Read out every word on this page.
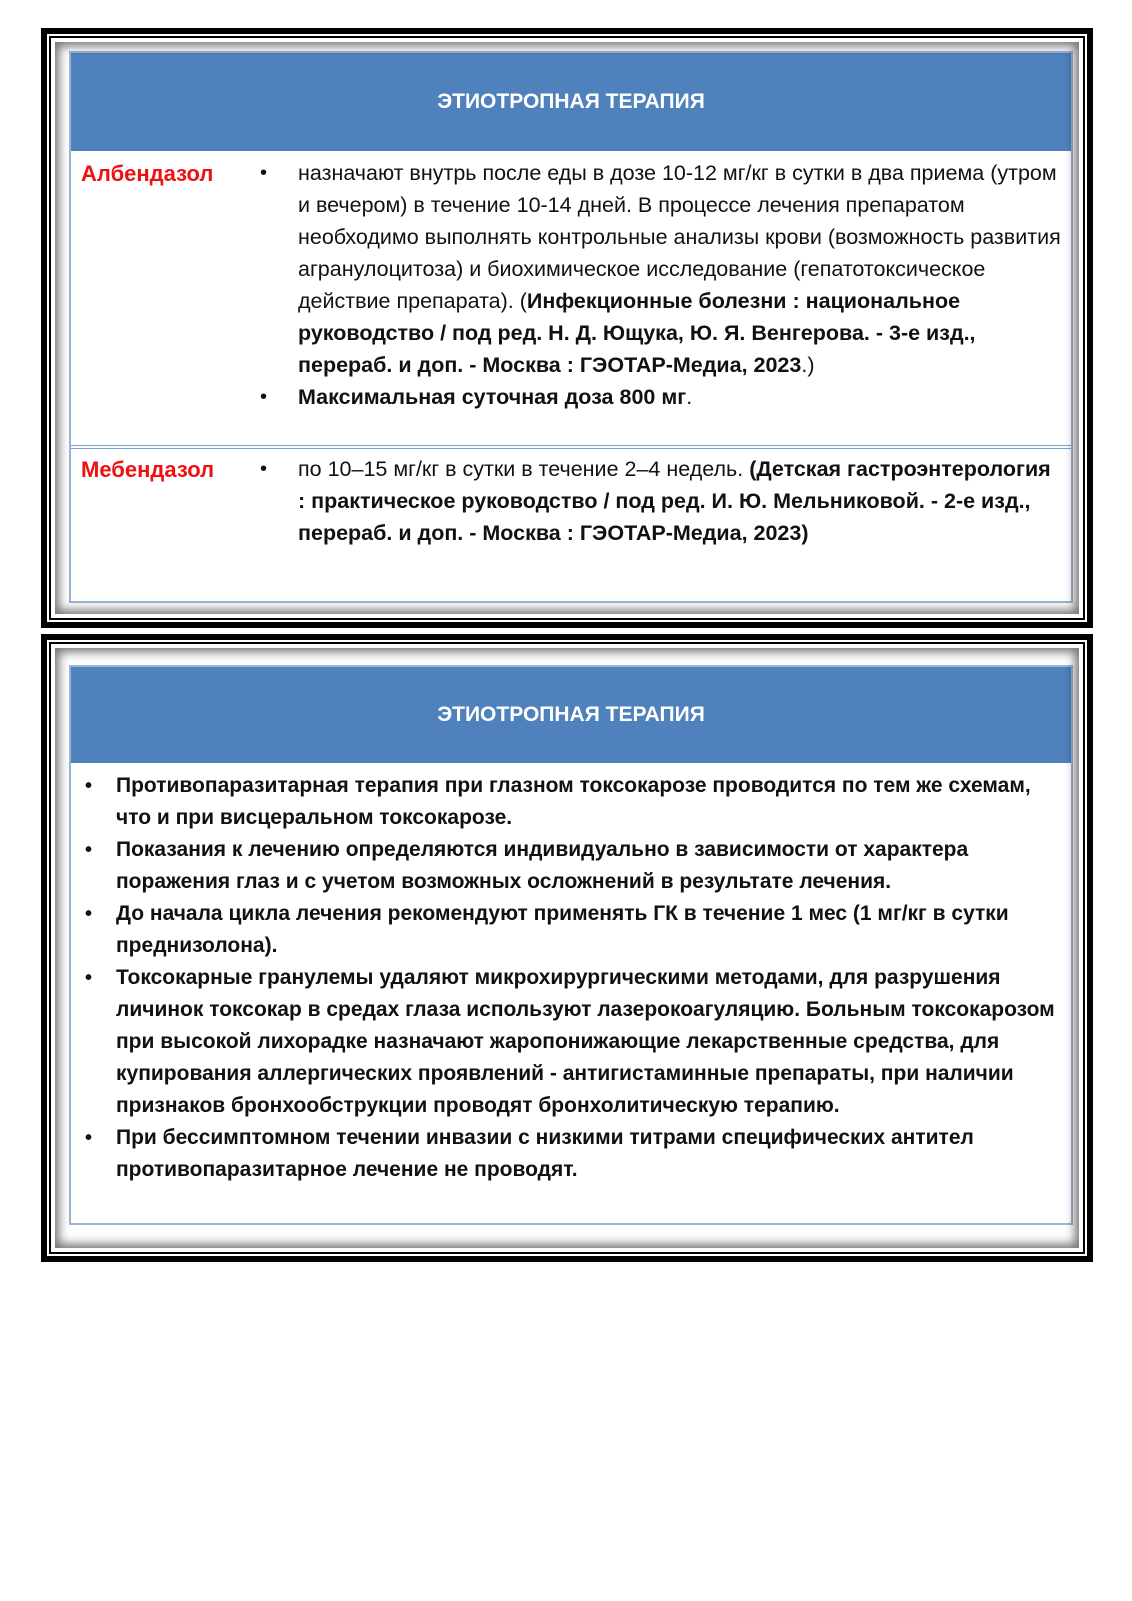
ЭТИОТРОПНАЯ ТЕРАПИЯ
Албендазол	• назначают внутрь после еды в дозе 10-12 мг/кг в сутки в два приема (утром и вечером) в течение 10-14 дней. В процессе лечения препаратом необходимо выполнять контрольные анализы крови (возможность развития агранулоцитоза) и биохимическое исследование (гепатотоксическое действие препарата). (Инфекционные болезни : национальное руководство / под ред. Н. Д. Ющука, Ю. Я. Венгерова. - 3-е изд., перераб. и доп. - Москва : ГЭОТАР-Медиа, 2023.)
• Максимальная суточная доза 800 мг.
Мебендазол	• по 10–15 мг/кг в сутки в течение 2–4 недель. (Детская гастроэнтерология : практическое руководство / под ред. И. Ю. Мельниковой. - 2-е изд., перераб. и доп. - Москва : ГЭОТАР-Медиа, 2023)
ЭТИОТРОПНАЯ ТЕРАПИЯ
• Противопаразитарная терапия при глазном токсокарозе проводится по тем же схемам, что и при висцеральном токсокарозе.
• Показания к лечению определяются индивидуально в зависимости от характера поражения глаз и с учетом возможных осложнений в результате лечения.
• До начала цикла лечения рекомендуют применять ГК в течение 1 мес (1 мг/кг в сутки преднизолона).
• Токсокарные гранулемы удаляют микрохирургическими методами, для разрушения личинок токсокар в средах глаза используют лазерокоагуляцию. Больным токсокарозом при высокой лихорадке назначают жаропонижающие лекарственные средства, для купирования аллергических проявлений - антигистаминные препараты, при наличии признаков бронхообструкции проводят бронхолитическую терапию.
• При бессимптомном течении инвазии с низкими титрами специфических антител противопаразитарное лечение не проводят.
